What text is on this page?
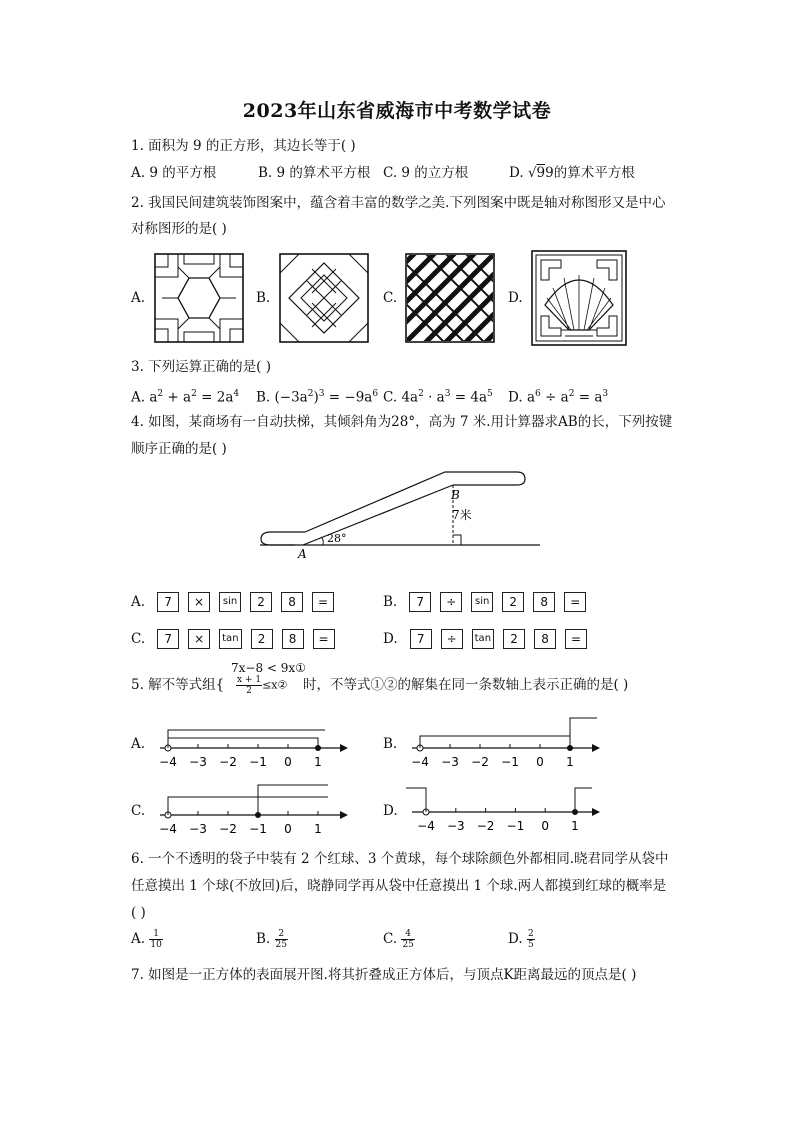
2023年山东省威海市中考数学试卷
1. 面积为 9 的正方形，其边长等于( )
A. 9 的平方根	B. 9 的算术平方根 C. 9 的立方根	D. √99的算术平方根
2. 我国民间建筑装饰图案中，蕴含着丰富的数学之美.下列图案中既是轴对称图形又是中心
对称图形的是( )
A.	B.	C.	D.
3. 下列运算正确的是( )
A. $a^2 + a^2 = 2a^4$ B. $(-3a^2)^3 = -9a^6$ C. $4a^2 \cdot a^3 = 4a^5$ D. $a^6 \div a^2 = a^3$
4. 如图，某商场有一自动扶梯，其倾斜角为28°，高为 7 米.用计算器求AB的长，下列按键
顺序正确的是( )
A
B
7米
28°
A. 7 × sin 2 8 =	B. 7 ÷ sin 2 8 =
C. 7 × tan 2 8 =	D. 7 ÷ tan 2 8 =
5. 解不等式组{
7x−8 < 9x①
$\frac{x + 1}{2}$ ≤x② 时，不等式①②的解集在同一条数轴上表示正确的是( )
A.	B.
C.	D.
−4 −3 −2 −1 0 1	−4 −3 −2 −1 0 1
−4 −3 −2 −1 0 1	−4 −3 −2 −1 0 1
6. 一个不透明的袋子中装有 2 个红球、3 个黄球，每个球除颜色外都相同.晓君同学从袋中
任意摸出 1 个球(不放回)后，晓静同学再从袋中任意摸出 1 个球.两人都摸到红球的概率是
( )
A. $\frac{1}{10}$	B. $\frac{2}{25}$	C. $\frac{4}{25}$	D. $\frac{2}{5}$
7. 如图是一正方体的表面展开图.将其折叠成正方体后，与顶点K距离最远的顶点是( )
